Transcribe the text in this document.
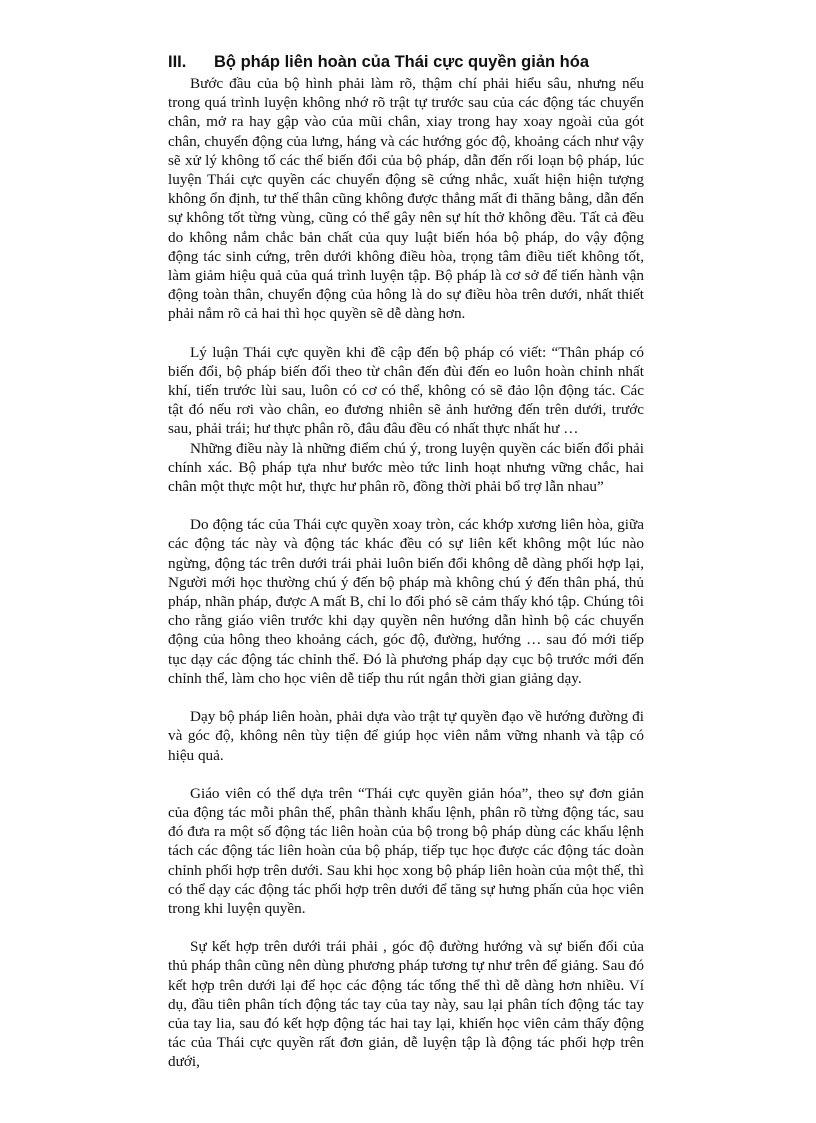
III. Bộ pháp liên hoàn của Thái cực quyền giản hóa

Bước đầu của bộ hình phải làm rõ, thậm chí phải hiểu sâu, nhưng nếu trong quá trình luyện không nhớ rõ trật tự trước sau của các động tác chuyển chân, mở ra hay gập vào của mũi chân, xiay trong hay xoay ngoài của gót chân, chuyển động của lưng, háng và các hướng góc độ, khoảng cách như vậy sẽ xử lý không tố các thế biến đổi của bộ pháp, dẫn đến rối loạn bộ pháp, lúc luyện Thái cực quyền các chuyển động sẽ cứng nhắc, xuất hiện hiện tượng không ổn định, tư thế thân cũng không được thẳng mất đi thăng bằng, dẫn đến sự không tốt từng vùng, cũng có thể gây nên sự hít thở không đều. Tất cả đều do không nắm chắc bản chất của quy luật biến hóa bộ pháp, do vậy động động tác sinh cứng, trên dưới không điều hòa, trọng tâm điều tiết không tốt, làm giảm hiệu quả của quá trình luyện tập. Bộ pháp là cơ sở để tiến hành vận động toàn thân, chuyển động của hông là do sự điều hòa trên dưới, nhất thiết phải nắm rõ cả hai thì học quyền sẽ dễ dàng hơn.

Lý luận Thái cực quyền khi đề cập đến bộ pháp có viết: “Thân pháp có biến đổi, bộ pháp biến đổi theo từ chân đến đùi đến eo luôn hoàn chỉnh nhất khí, tiến trước lùi sau, luôn có cơ có thể, không có sẽ đảo lộn động tác. Các tật đó nếu rơi vào chân, eo đương nhiên sẽ ảnh hưởng đến trên dưới, trước sau, phải trái; hư thực phân rõ, đâu đâu đều có nhất thực nhất hư …

Những điều này là những điểm chú ý, trong luyện quyền các biến đổi phải chính xác. Bộ pháp tựa như bước mèo tức linh hoạt nhưng vững chắc, hai chân một thực một hư, thực hư phân rõ, đồng thời phải bổ trợ lẫn nhau”

Do động tác của Thái cực quyền xoay tròn, các khớp xương liên hòa, giữa các động tác này và động tác khác đều có sự liên kết không một lúc nào ngừng, động tác trên dưới trái phải luôn biến đổi không dễ dàng phối hợp lại, Người mới học thường chú ý đến bộ pháp mà không chú ý đến thân phá, thủ pháp, nhãn pháp, được A mất B, chỉ lo đối phó sẽ cảm thấy khó tập. Chúng tôi cho rằng giáo viên trước khi dạy quyền nên hướng dẫn hình bộ các chuyển động của hông theo khoảng cách, góc độ, đường, hướng … sau đó mới tiếp tục dạy các động tác chỉnh thể. Đó là phương pháp dạy cục bộ trước mới đến chỉnh thể, làm cho học viên dễ tiếp thu rút ngắn thời gian giảng dạy.

Dạy bộ pháp liên hoàn, phải dựa vào trật tự quyền đạo về hướng đường đi và góc độ, không nên tùy tiện để giúp học viên nắm vững nhanh và tập có hiệu quả.

Giáo viên có thể dựa trên “Thái cực quyền giản hóa”, theo sự đơn giản của động tác mỗi phân thế, phân thành khẩu lệnh, phân rõ từng động tác, sau đó đưa ra một số động tác liên hoàn của bộ trong bộ pháp dùng các khẩu lệnh tách các động tác liên hoàn của bộ pháp, tiếp tục học được các động tác doàn chỉnh phối hợp trên dưới. Sau khi học xong bộ pháp liên hoàn của một thế, thì có thể dạy các động tác phối hợp trên dưới để tăng sự hưng phấn của học viên trong khi luyện quyền.

Sự kết hợp trên dưới trái phải , góc độ đường hướng và sự biến đổi của thủ pháp thân cũng nên dùng phương pháp tương tự như trên để giảng. Sau đó kết hợp trên dưới lại để học các động tác tổng thể thì dễ dàng hơn nhiều. Ví dụ, đầu tiên phân tích động tác tay của tay này, sau lại phân tích động tác tay của tay lia, sau đó kết hợp động tác hai tay lại, khiến học viên cảm thấy động tác của Thái cực quyền rất đơn giản, dễ luyện tập là động tác phối hợp trên dưới,
